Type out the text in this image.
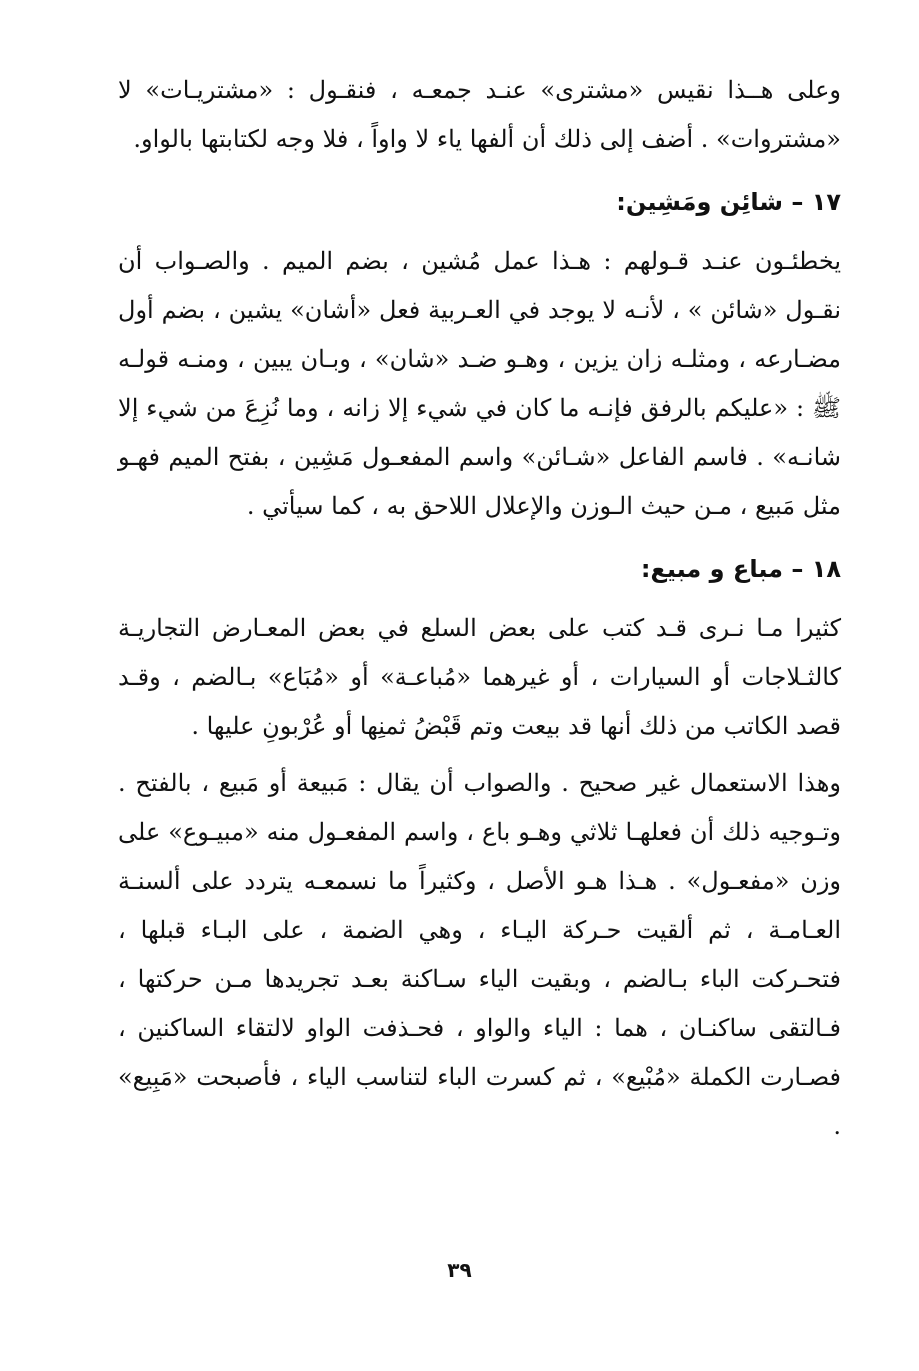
وعلى هــذا نقيس «مشترى» عنـد جمعـه ، فنقـول : «مشتريـات» لا «مشتروات» . أضف إلى ذلك أن ألفها ياء لا واواً ، فلا وجه لكتابتها بالواو.

١٧ – شائِن ومَشِين:

يخطئـون عنـد قـولهم : هـذا عمل مُشين ، بضم الميم . والصـواب أن نقـول «شائن » ، لأنـه لا يوجد في العـربية فعل «أشان» يشين ، بضم أول مضـارعه ، ومثلـه زان يزين ، وهـو ضـد «شان» ، وبـان يبين ، ومنـه قولـه ﷺ : «عليكم بالرفق فإنـه ما كان في شيء إلا زانه ، وما نُزِعَ من شيء إلا شانـه» . فاسم الفاعل «شـائن» واسم المفعـول مَشِين ، بفتح الميم فهـو مثل مَبيع ، مـن حيث الـوزن والإعلال اللاحق به ، كما سيأتي .

١٨ – مباع و مبيع:

كثيرا مـا نـرى قـد كتب على بعض السلع في بعض المعـارض التجاريـة كالثـلاجات أو السيارات ، أو غيرهما «مُباعـة» أو «مُبَاع» بـالضم ، وقـد قصد الكاتب من ذلك أنها قد بيعت وتم قَبْضُ ثمنِها أو عُرْبونِ عليها .

وهذا الاستعمال غير صحيح . والصواب أن يقال : مَبيعة أو مَبيع ، بالفتح . وتـوجيه ذلك أن فعلهـا ثلاثي وهـو باع ، واسم المفعـول منه «مبيـوع» على وزن «مفعـول» . هـذا هـو الأصل ، وكثيراً ما نسمعـه يتردد على ألسنـة العـامـة ، ثم ألقيت حـركة اليـاء ، وهي الضمة ، على البـاء قبلها ، فتحـركت الباء بـالضم ، وبقيت الياء سـاكنة بعـد تجريدها مـن حركتها ، فـالتقى ساكنـان ، هما : الياء والواو ، فحـذفت الواو لالتقاء الساكنين ، فصـارت الكملة «مُبْيع» ، ثم كسرت الباء لتناسب الياء ، فأصبحت «مَبِيع» .

٣٩
